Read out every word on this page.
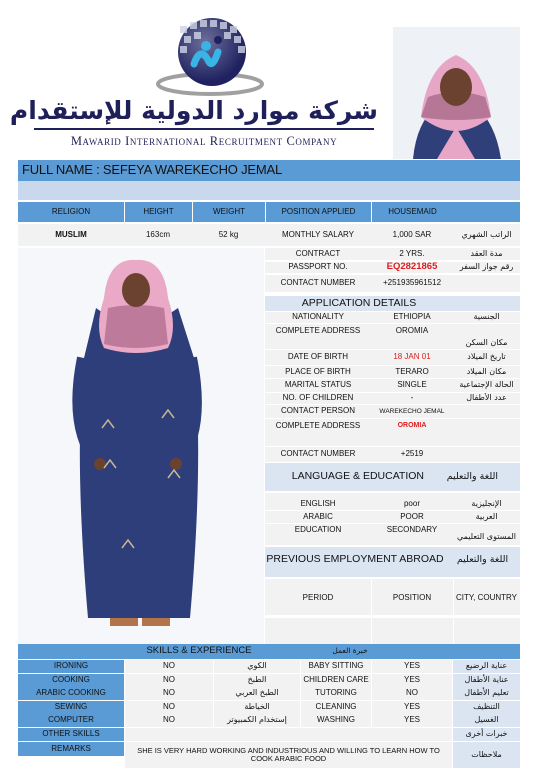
شركة موارد الدولية للإستقدام
Mawarid International Recruitment Company
FULL NAME : SEFEYA WAREKECHO JEMAL
RELIGION	HEIGHT	WEIGHT	POSITION APPLIED	HOUSEMAID
MUSLIM	163cm	52 kg	MONTHLY SALARY	1,000 SAR	الراتب الشهري
CONTRACT	2 YRS.	مدة العقد
PASSPORT NO.	EQ2821865	رقم جواز السفر
CONTACT NUMBER	+251935961512
APPLICATION DETAILS
NATIONALITY	ETHIOPIA	الجنسية
COMPLETE ADDRESS	OROMIA
مكان السكن
DATE OF BIRTH	18 JAN 01	تاريخ الميلاد
PLACE OF BIRTH	TERARO	مكان الميلاد
MARITAL STATUS	SINGLE	الحالة الإجتماعية
NO. OF CHILDREN	-	عدد الأطفال
CONTACT PERSON	WAREKECHO JEMAL
COMPLETE ADDRESS	OROMIA
CONTACT NUMBER	+2519
LANGUAGE & EDUCATION	اللغة والتعليم
ENGLISH	poor	الإنجليزية
ARABIC	POOR	العربية
EDUCATION	SECONDARY
المستوى التعليمي
PREVIOUS EMPLOYMENT ABROAD	اللغة والتعليم
PERIOD	POSITION	CITY, COUNTRY
SKILLS & EXPERIENCE	خبرة العمل
IRONING	NO	الكوي	BABY SITTING	YES	عناية الرضيع
COOKING	NO	الطبخ	CHILDREN CARE	YES	عناية الأطفال
ARABIC COOKING	NO	الطبخ العربي	TUTORING	NO	تعليم الأطفال
SEWING	NO	الخياطة	CLEANING	YES	التنظيف
COMPUTER	NO	إستخدام الكمبيوتر	WASHING	YES	الغسيل
OTHER SKILLS	خبرات أخرى
REMARKS	SHE IS VERY HARD WORKING AND INDUSTRIOUS AND WILLING TO LEARN HOW TO COOK ARABIC FOOD	ملاحظات
